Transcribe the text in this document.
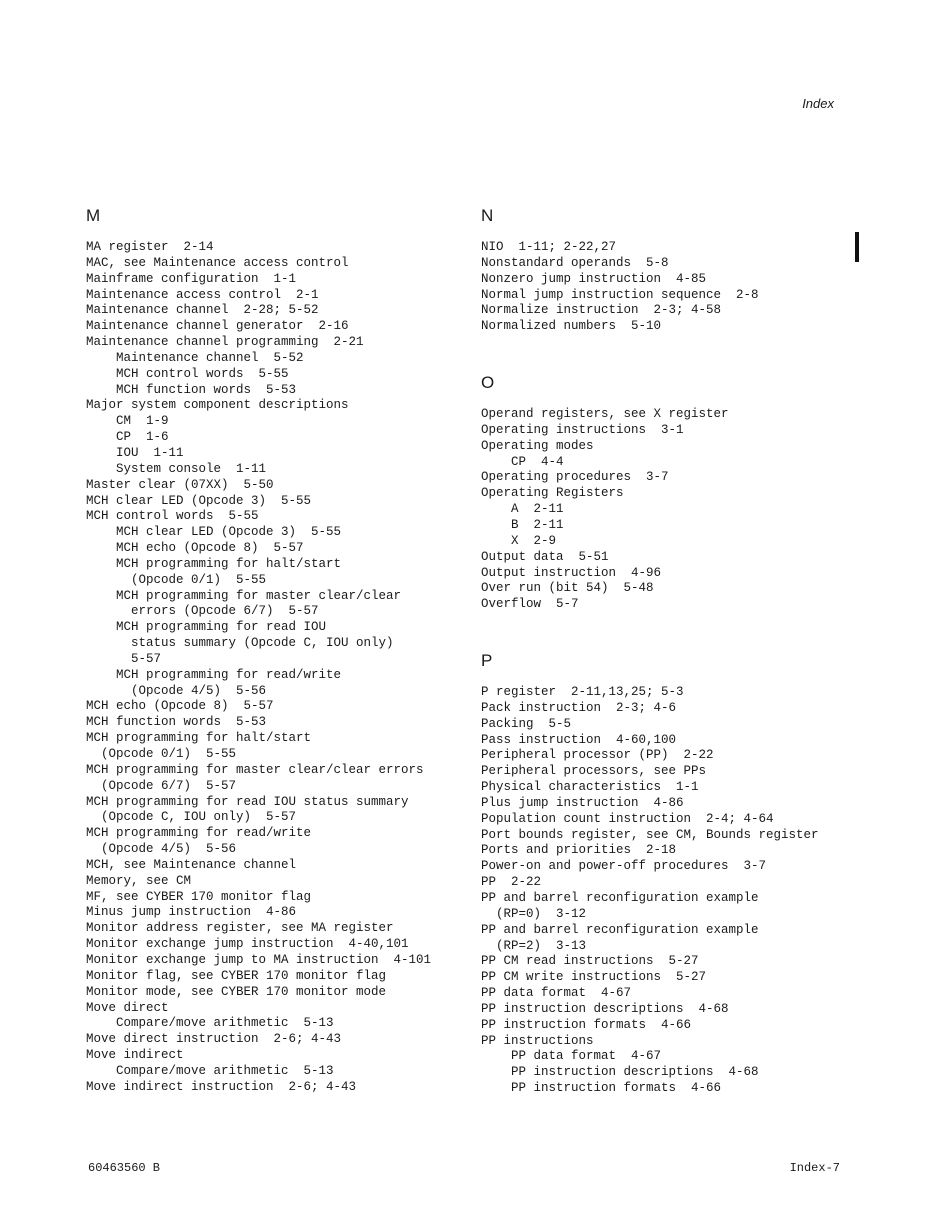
Index
M
MA register  2-14
MAC, see Maintenance access control
Mainframe configuration  1-1
Maintenance access control  2-1
Maintenance channel  2-28; 5-52
Maintenance channel generator  2-16
Maintenance channel programming  2-21
Maintenance channel  5-52
MCH control words  5-55
MCH function words  5-53
Major system component descriptions
CM  1-9
CP  1-6
IOU  1-11
System console  1-11
Master clear (07XX)  5-50
MCH clear LED (Opcode 3)  5-55
MCH control words  5-55
MCH clear LED (Opcode 3)  5-55
MCH echo (Opcode 8)  5-57
MCH programming for halt/start
(Opcode 0/1)  5-55
MCH programming for master clear/clear
errors (Opcode 6/7)  5-57
MCH programming for read IOU
status summary (Opcode C, IOU only)
5-57
MCH programming for read/write
(Opcode 4/5)  5-56
MCH echo (Opcode 8)  5-57
MCH function words  5-53
MCH programming for halt/start
(Opcode 0/1)  5-55
MCH programming for master clear/clear errors
(Opcode 6/7)  5-57
MCH programming for read IOU status summary
(Opcode C, IOU only)  5-57
MCH programming for read/write
(Opcode 4/5)  5-56
MCH, see Maintenance channel
Memory, see CM
MF, see CYBER 170 monitor flag
Minus jump instruction  4-86
Monitor address register, see MA register
Monitor exchange jump instruction  4-40,101
Monitor exchange jump to MA instruction  4-101
Monitor flag, see CYBER 170 monitor flag
Monitor mode, see CYBER 170 monitor mode
Move direct
Compare/move arithmetic  5-13
Move direct instruction  2-6; 4-43
Move indirect
Compare/move arithmetic  5-13
Move indirect instruction  2-6; 4-43
N
NIO  1-11; 2-22,27
Nonstandard operands  5-8
Nonzero jump instruction  4-85
Normal jump instruction sequence  2-8
Normalize instruction  2-3; 4-58
Normalized numbers  5-10
O
Operand registers, see X register
Operating instructions  3-1
Operating modes
CP  4-4
Operating procedures  3-7
Operating Registers
A  2-11
B  2-11
X  2-9
Output data  5-51
Output instruction  4-96
Over run (bit 54)  5-48
Overflow  5-7
P
P register  2-11,13,25; 5-3
Pack instruction  2-3; 4-6
Packing  5-5
Pass instruction  4-60,100
Peripheral processor (PP)  2-22
Peripheral processors, see PPs
Physical characteristics  1-1
Plus jump instruction  4-86
Population count instruction  2-4; 4-64
Port bounds register, see CM, Bounds register
Ports and priorities  2-18
Power-on and power-off procedures  3-7
PP  2-22
PP and barrel reconfiguration example
(RP=0)  3-12
PP and barrel reconfiguration example
(RP=2)  3-13
PP CM read instructions  5-27
PP CM write instructions  5-27
PP data format  4-67
PP instruction descriptions  4-68
PP instruction formats  4-66
PP instructions
PP data format  4-67
PP instruction descriptions  4-68
PP instruction formats  4-66
60463560 B	Index-7
